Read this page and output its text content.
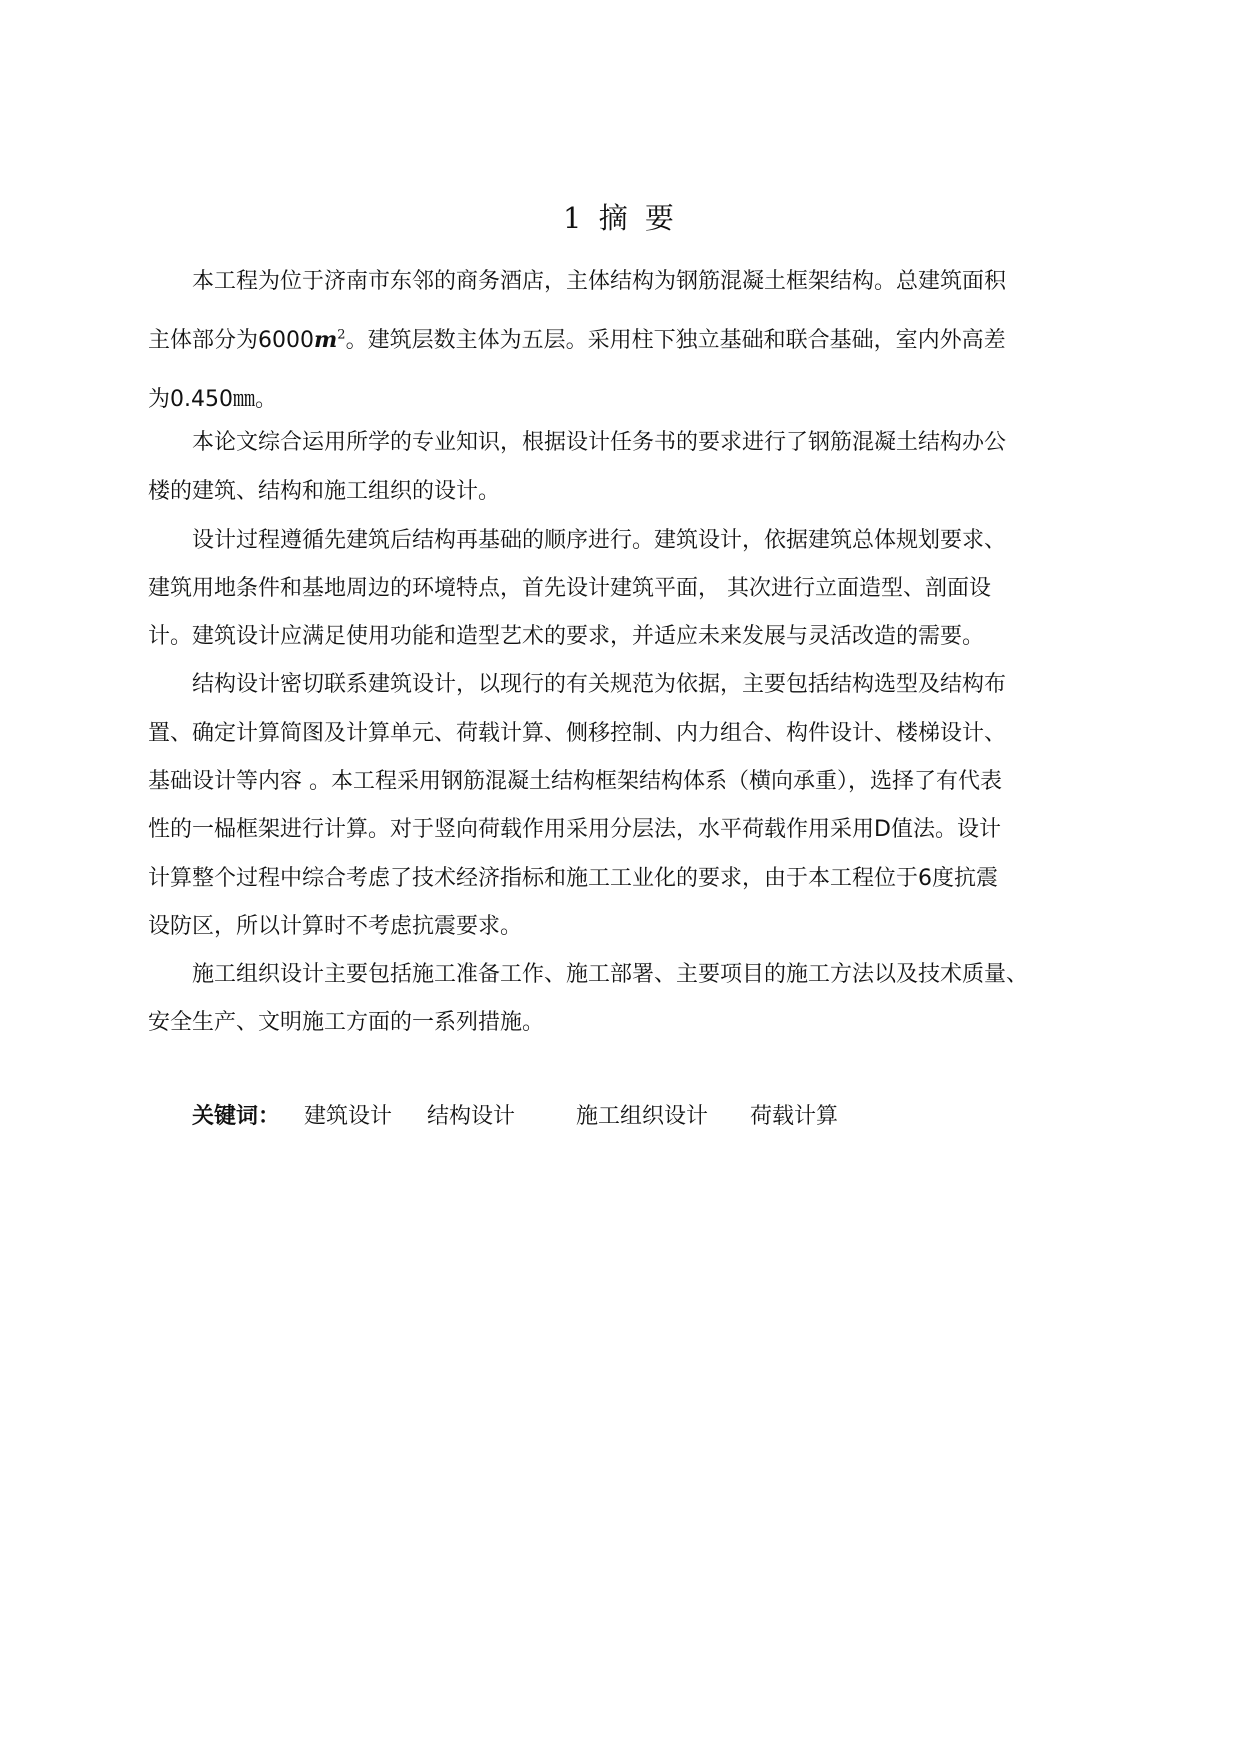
1 摘 要
本工程为位于济南市东邻的商务酒店，主体结构为钢筋混凝土框架结构。总建筑面积
主体部分为$6000m^2$。建筑层数主体为五层。采用柱下独立基础和联合基础，室内外高差
为0.450㎜。
本论文综合运用所学的专业知识，根据设计任务书的要求进行了钢筋混凝土结构办公
楼的建筑、结构和施工组织的设计。
设计过程遵循先建筑后结构再基础的顺序进行。建筑设计，依据建筑总体规划要求、
建筑用地条件和基地周边的环境特点，首先设计建筑平面， 其次进行立面造型、剖面设
计。建筑设计应满足使用功能和造型艺术的要求，并适应未来发展与灵活改造的需要。
结构设计密切联系建筑设计，以现行的有关规范为依据，主要包括结构选型及结构布
置、确定计算简图及计算单元、荷载计算、侧移控制、内力组合、构件设计、楼梯设计、
基础设计等内容 。本工程采用钢筋混凝土结构框架结构体系（横向承重），选择了有代表
性的一榀框架进行计算。对于竖向荷载作用采用分层法，水平荷载作用采用D值法。设计
计算整个过程中综合考虑了技术经济指标和施工工业化的要求，由于本工程位于6度抗震
设防区，所以计算时不考虑抗震要求。
施工组织设计主要包括施工准备工作、施工部署、主要项目的施工方法以及技术质量、
安全生产、文明施工方面的一系列措施。
关键词： 建筑设计 结构设计	施工组织设计 荷载计算
